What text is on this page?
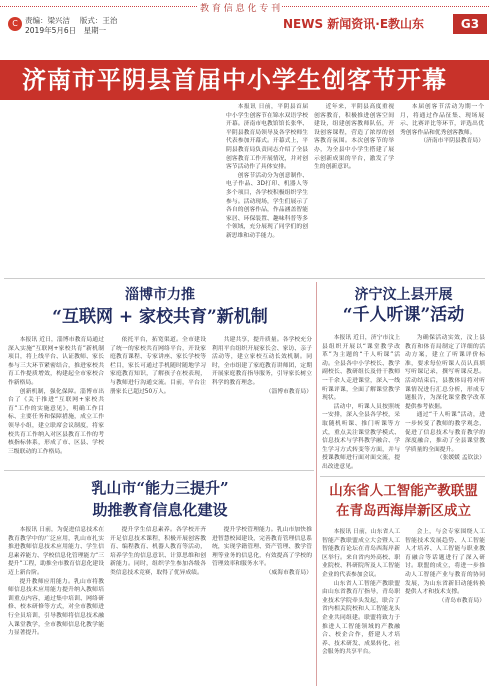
教 育 信 息 化 专 刊
C 责编：梁兴洁 　版式：王治
2019年5月6日　星期一	NEWS 新闻资讯·E教山东	G3
济南市平阴县首届中小学生创客节开幕

本报讯 日前，平阴县首届中小学生创客节在锦水双语学校开幕。济南市电教馆馆长张华、平阴县教育局领导及各学校师生代表参加开幕式。开幕式上，平阴县教育局负责同志介绍了全县创客教育工作开展情况，并对创客节活动作了具体安排。

创客节活动分为创意制作、电子作品、3D打印、机器人等多个项目，各学校积极组织学生参与。活动现场，学生们展示了各自的创客作品，作品涵盖智能家居、环保装置、趣味科普等多个领域，充分展现了同学们的创新思维和动手能力。

近年来，平阴县高度重视创客教育，积极推进创客空间建设，组建创客教师队伍，开设创客课程，营造了浓厚的创客教育氛围。本次创客节的举办，为全县中小学生搭建了展示创新成果的平台，激发了学生的创新意识。

本届创客节活动为期一个月，将通过作品征集、现场展示、比赛评比等环节，评选出优秀创客作品和优秀创客教师。

（济南市平阴县教育局）
淄博市力推
“互联网 + 家校共育”新机制

本报讯 近日，淄博市教育局通过深入实施“互联网+家校共育”新机制项目，将上线平台、认证教师、家长参与三大环节紧密结合，推进家校共育工作提质增效，构建起全市家校合作新格局。

创新机制，强化保障。淄博市出台了《关于推进“互联网+家校共育”工作的实施意见》，明确工作目标、主要任务和保障措施，成立工作领导小组，建立联席会议制度，将家校共育工作纳入对区县教育工作的考核指标体系，形成了市、区县、学校三级联动的工作格局。

依托平台，拓宽渠道。全市建设了统一的家校共育网络平台，开设家庭教育课程、专家讲座、家长学校等栏目，家长可通过手机随时随地学习家庭教育知识，了解孩子在校表现，与教师进行沟通交流。目前，平台注册家长已超过50万人。

共建共享，提升质量。各学校充分利用平台组织开展家长会、家访、亲子活动等，建立家校互动长效机制。同时，全市组建了家庭教育讲师团，定期开展家庭教育指导服务，引导家长树立科学的教育理念。

（淄博市教育局）
济宁汶上县开展
“千人听课”活动

本报讯 近日，济宁市汶上县组织开展以“课堂教学改革”为主题的“千人听课”活动。全县各中小学校长、教学副校长、教研组长及骨干教师一千余人走进课堂，深入一线听课评课，全面了解课堂教学现状。

活动中，听课人员按照统一安排，深入全县各学校，采取随机听课、推门听课等方式，重点关注课堂教学模式、信息技术与学科教学融合、学生学习方式转变等方面，并与授课教师进行面对面交流，提出改进意见。

为确保活动实效，汶上县教育和体育局制定了详细的活动方案，建立了听课评价标准，要求每位听课人员认真填写听课记录，撰写听课反思。活动结束后，县教体局将对听课情况进行汇总分析，形成专题报告，为深化课堂教学改革提供参考依据。

通过“千人听课”活动，进一步转变了教师的教学观念，促进了信息技术与教育教学的深度融合，推动了全县课堂教学质量的全面提升。

（张媛媛 孟钦法）
山东省人工智能产教联盟
在青岛西海岸新区成立

本报讯 日前，山东省人工智能产教联盟成立大会暨人工智能教育论坛在青岛西海岸新区举行。来自省内外高校、职业院校、科研院所及人工智能企业的代表参加会议。

山东省人工智能产教联盟由山东省教育厅指导，青岛职业技术学院牵头发起，联合了省内相关院校和人工智能龙头企业共同组建。联盟将致力于推进人工智能领域的产教融合、校企合作，搭建人才培养、技术研发、成果转化、社会服务的共享平台。

会上，与会专家围绕人工智能技术发展趋势、人工智能人才培养、人工智能与职业教育融合等话题进行了深入研讨。联盟的成立，将进一步推动人工智能产业与教育的协同发展，为山东省新旧动能转换提供人才和技术支撑。

（青岛市教育局）
乳山市“能力三提升”
助推教育信息化建设

本报讯 日前，为促进信息技术在教育教学中的广泛应用，乳山市扎实推进教师信息技术应用能力、学生信息素养能力、学校信息化管理能力“三提升”工程，助推全市教育信息化建设迈上新台阶。

提升教师应用能力。乳山市将教师信息技术应用能力提升纳入教师培训重点内容，通过集中培训、网络研修、校本研修等方式，对全市教师进行全员培训，引导教师将信息技术融入课堂教学，全市教师信息化教学能力显著提升。

提升学生信息素养。各学校开齐开足信息技术课程，积极开展创客教育、编程教育、机器人教育等活动，培养学生的信息意识、计算思维和创新能力。同时，组织学生参加各级各类信息技术竞赛，取得了优异成绩。

提升学校管理能力。乳山市加快推进智慧校园建设，完善教育管理信息系统，实现学籍管理、资产管理、教学管理等业务的信息化，有效提高了学校的管理效率和服务水平。

（威海市教育局）
